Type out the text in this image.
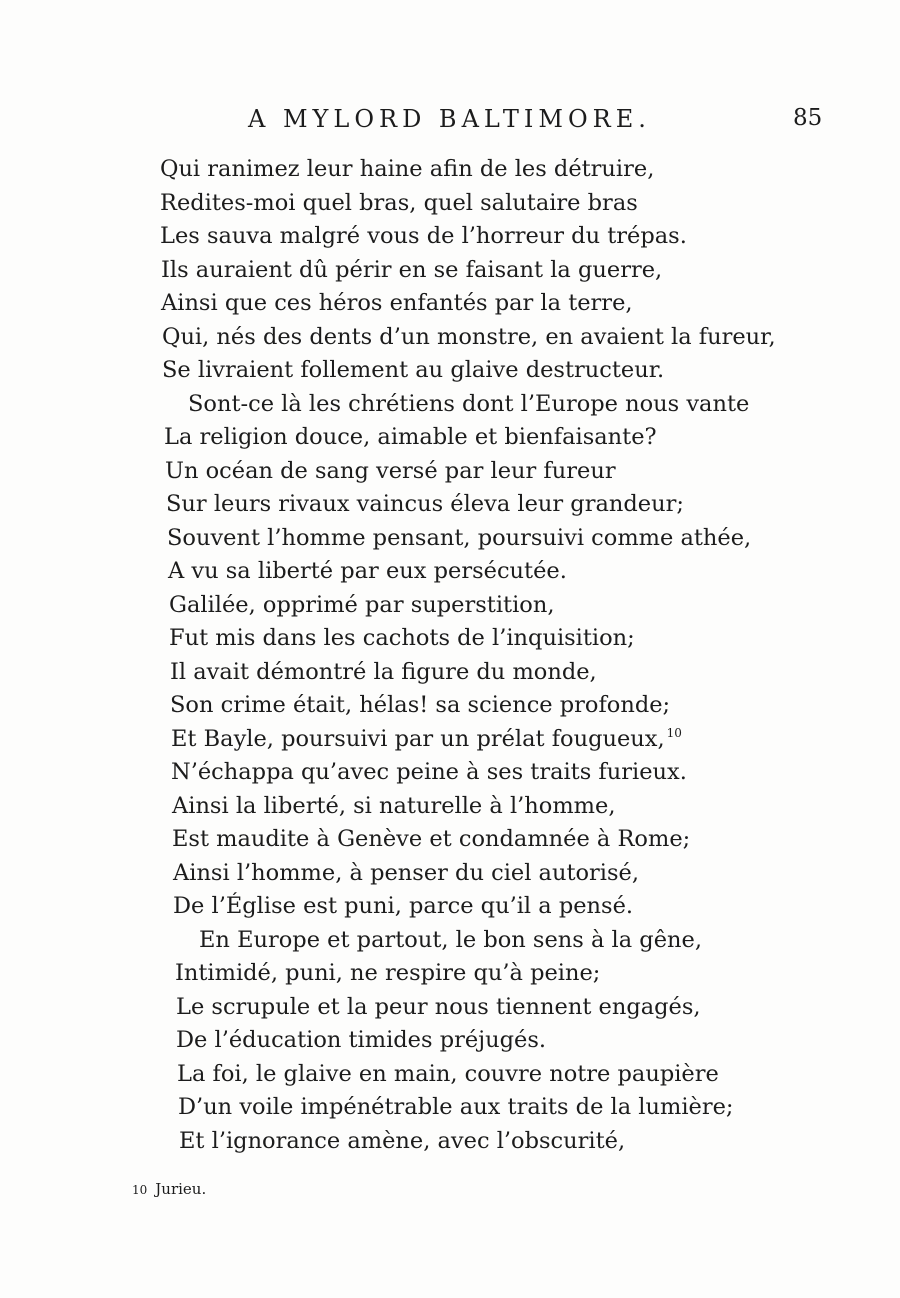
A MYLORD BALTIMORE.	85
Qui ranimez leur haine afin de les détruire,
Redites-moi quel bras, quel salutaire bras
Les sauva malgré vous de l’horreur du trépas.
Ils auraient dû périr en se faisant la guerre,
Ainsi que ces héros enfantés par la terre,
Qui, nés des dents d’un monstre, en avaient la fureur,
Se livraient follement au glaive destructeur.
Sont-ce là les chrétiens dont l’Europe nous vante
La religion douce, aimable et bienfaisante?
Un océan de sang versé par leur fureur
Sur leurs rivaux vaincus éleva leur grandeur;
Souvent l’homme pensant, poursuivi comme athée,
A vu sa liberté par eux persécutée.
Galilée, opprimé par superstition,
Fut mis dans les cachots de l’inquisition;
Il avait démontré la figure du monde,
Son crime était, hélas! sa science profonde;
Et Bayle, poursuivi par un prélat fougueux, $^{10}$
N’échappa qu’avec peine à ses traits furieux.
Ainsi la liberté, si naturelle à l’homme,
Est maudite à Genève et condamnée à Rome;
Ainsi l’homme, à penser du ciel autorisé,
De l’Église est puni, parce qu’il a pensé.
En Europe et partout, le bon sens à la gêne,
Intimidé, puni, ne respire qu’à peine;
Le scrupule et la peur nous tiennent engagés,
De l’éducation timides préjugés.
La foi, le glaive en main, couvre notre paupière
D’un voile impénétrable aux traits de la lumière;
Et l’ignorance amène, avec l’obscurité,
10 Jurieu.
